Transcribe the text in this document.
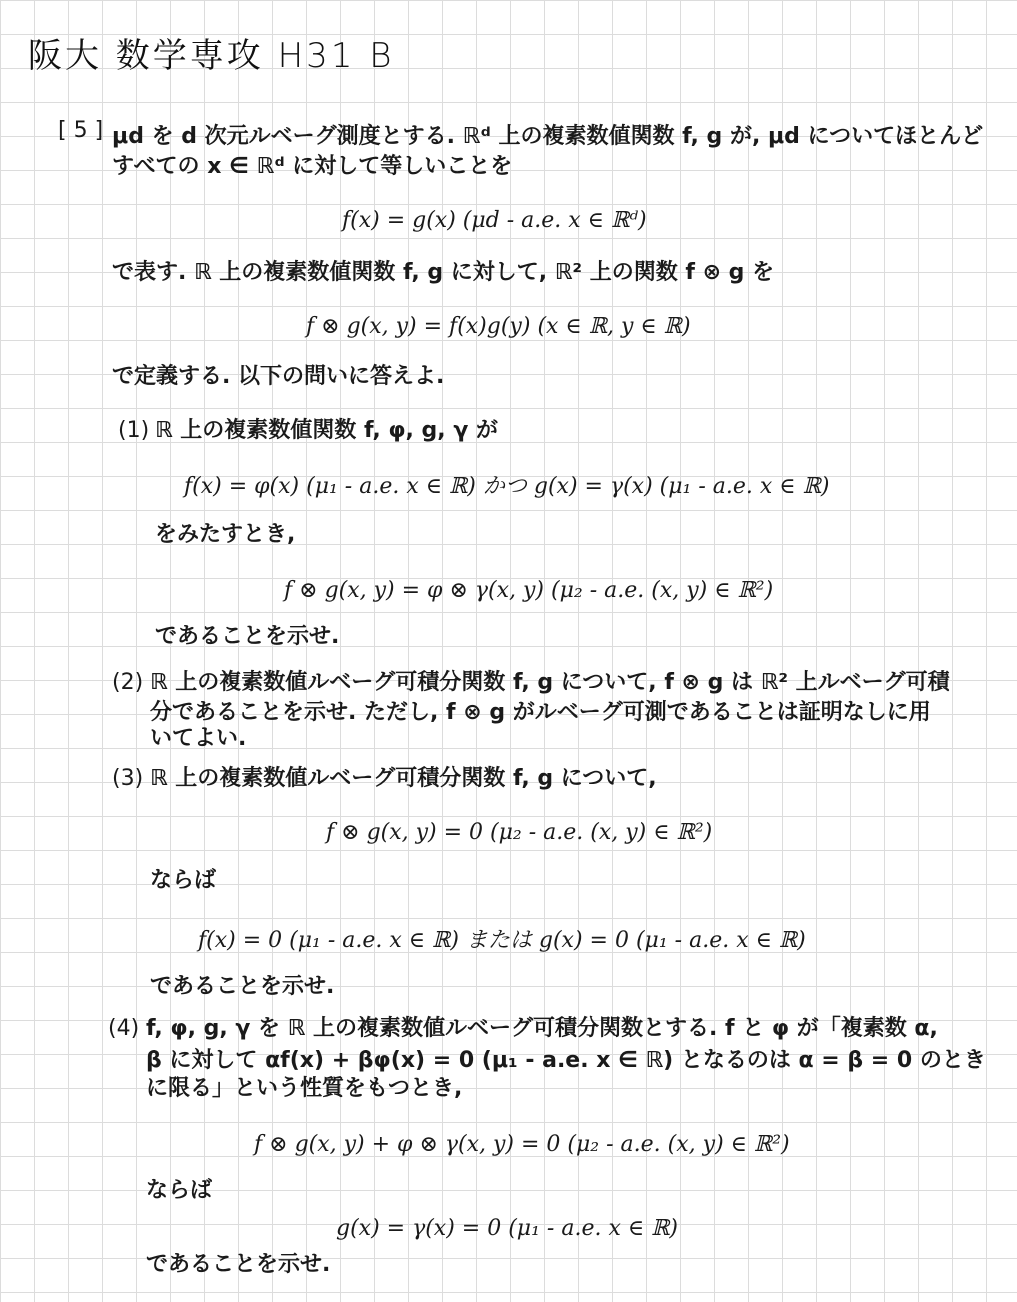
阪大 数学専攻 H31 B
[ 5 ] μd を d 次元ルベーグ測度とする. ℝᵈ 上の複素数値関数 f, g が, μd についてほとんど
すべての x ∈ ℝᵈ に対して等しいことを
f(x) = g(x) (μd - a.e. x ∈ ℝᵈ)
で表す. ℝ 上の複素数値関数 f, g に対して, ℝ² 上の関数 f ⊗ g を
f ⊗ g(x, y) = f(x)g(y) (x ∈ ℝ, y ∈ ℝ)
で定義する. 以下の問いに答えよ.
(1) ℝ 上の複素数値関数 f, φ, g, γ が
f(x) = φ(x) (μ₁ - a.e. x ∈ ℝ) かつ g(x) = γ(x) (μ₁ - a.e. x ∈ ℝ)
をみたすとき,
f ⊗ g(x, y) = φ ⊗ γ(x, y) (μ₂ - a.e. (x, y) ∈ ℝ²)
であることを示せ.
(2) ℝ 上の複素数値ルベーグ可積分関数 f, g について, f ⊗ g は ℝ² 上ルベーグ可積
分であることを示せ. ただし, f ⊗ g がルベーグ可測であることは証明なしに用
いてよい.
(3) ℝ 上の複素数値ルベーグ可積分関数 f, g について,
f ⊗ g(x, y) = 0 (μ₂ - a.e. (x, y) ∈ ℝ²)
ならば
f(x) = 0 (μ₁ - a.e. x ∈ ℝ) または g(x) = 0 (μ₁ - a.e. x ∈ ℝ)
であることを示せ.
(4) f, φ, g, γ を ℝ 上の複素数値ルベーグ可積分関数とする. f と φ が「複素数 α,
β に対して αf(x) + βφ(x) = 0 (μ₁ - a.e. x ∈ ℝ) となるのは α = β = 0 のとき
に限る」という性質をもつとき,
f ⊗ g(x, y) + φ ⊗ γ(x, y) = 0 (μ₂ - a.e. (x, y) ∈ ℝ²)
ならば
g(x) = γ(x) = 0 (μ₁ - a.e. x ∈ ℝ)
であることを示せ.
